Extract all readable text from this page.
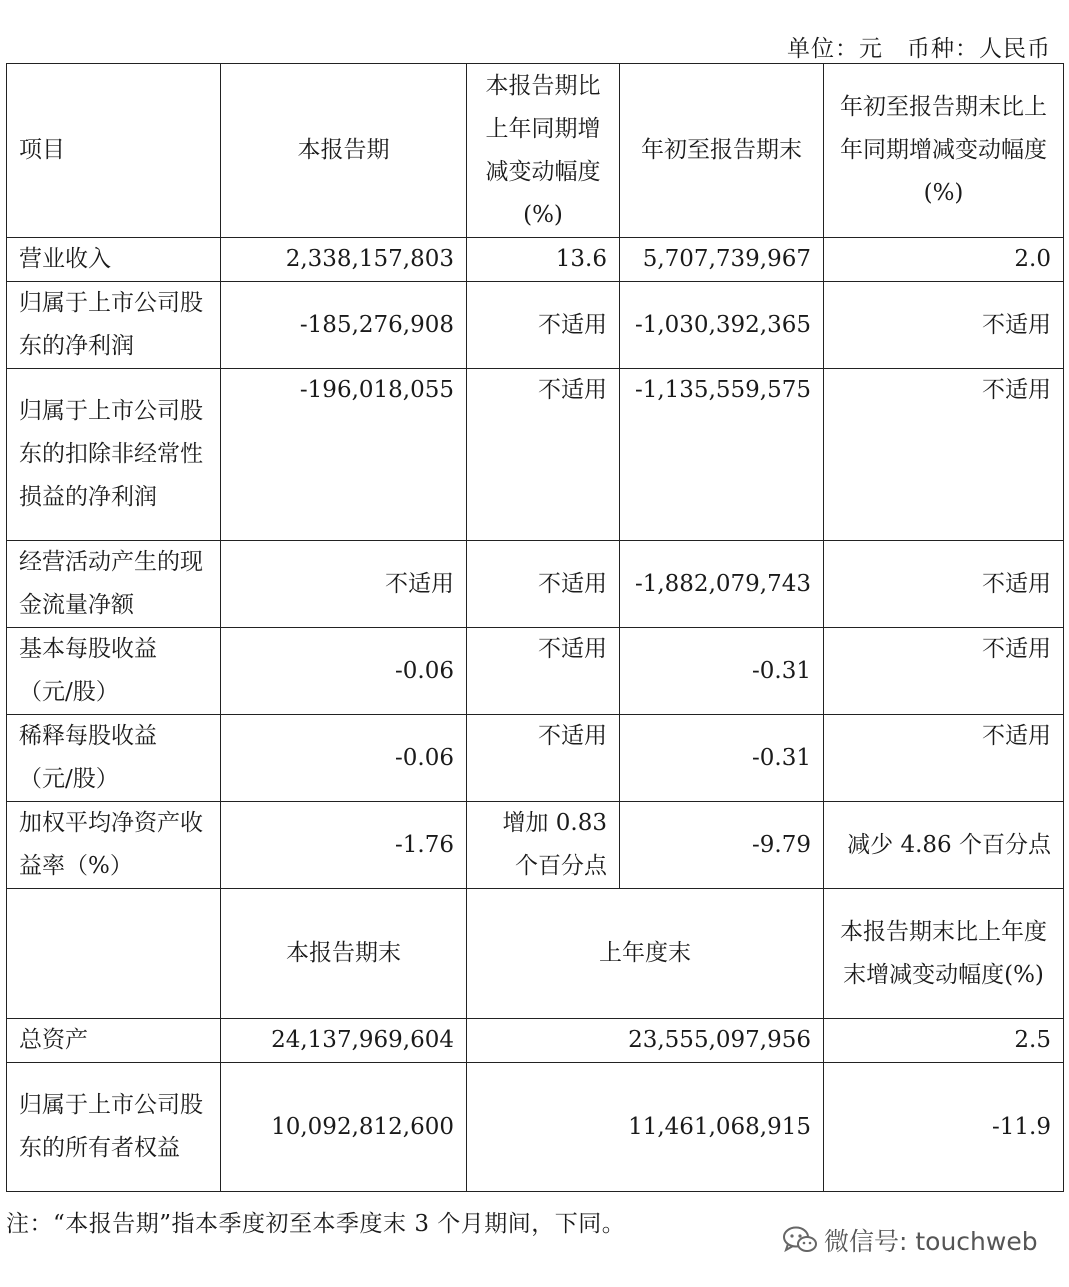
单位：元　币种：人民币
项目	本报告期	本报告期比上年同期增减变动幅度(%)	年初至报告期末	年初至报告期末比上年同期增减变动幅度(%)
营业收入	2,338,157,803	13.6	5,707,739,967	2.0
归属于上市公司股东的净利润	-185,276,908	不适用	-1,030,392,365	不适用
归属于上市公司股东的扣除非经常性损益的净利润	-196,018,055	不适用	-1,135,559,575	不适用
经营活动产生的现金流量净额	不适用	不适用	-1,882,079,743	不适用
基本每股收益（元/股）	-0.06	不适用	-0.31	不适用
稀释每股收益（元/股）	-0.06	不适用	-0.31	不适用
加权平均净资产收益率（%）	-1.76	增加 0.83 个百分点	-9.79	减少 4.86 个百分点
	本报告期末	上年度末		本报告期末比上年度末增减变动幅度(%)
总资产	24,137,969,604	23,555,097,956		2.5
归属于上市公司股东的所有者权益	10,092,812,600	11,461,068,915		-11.9
注：“本报告期”指本季度初至本季度末 3 个月期间，下同。
微信号: touchweb
